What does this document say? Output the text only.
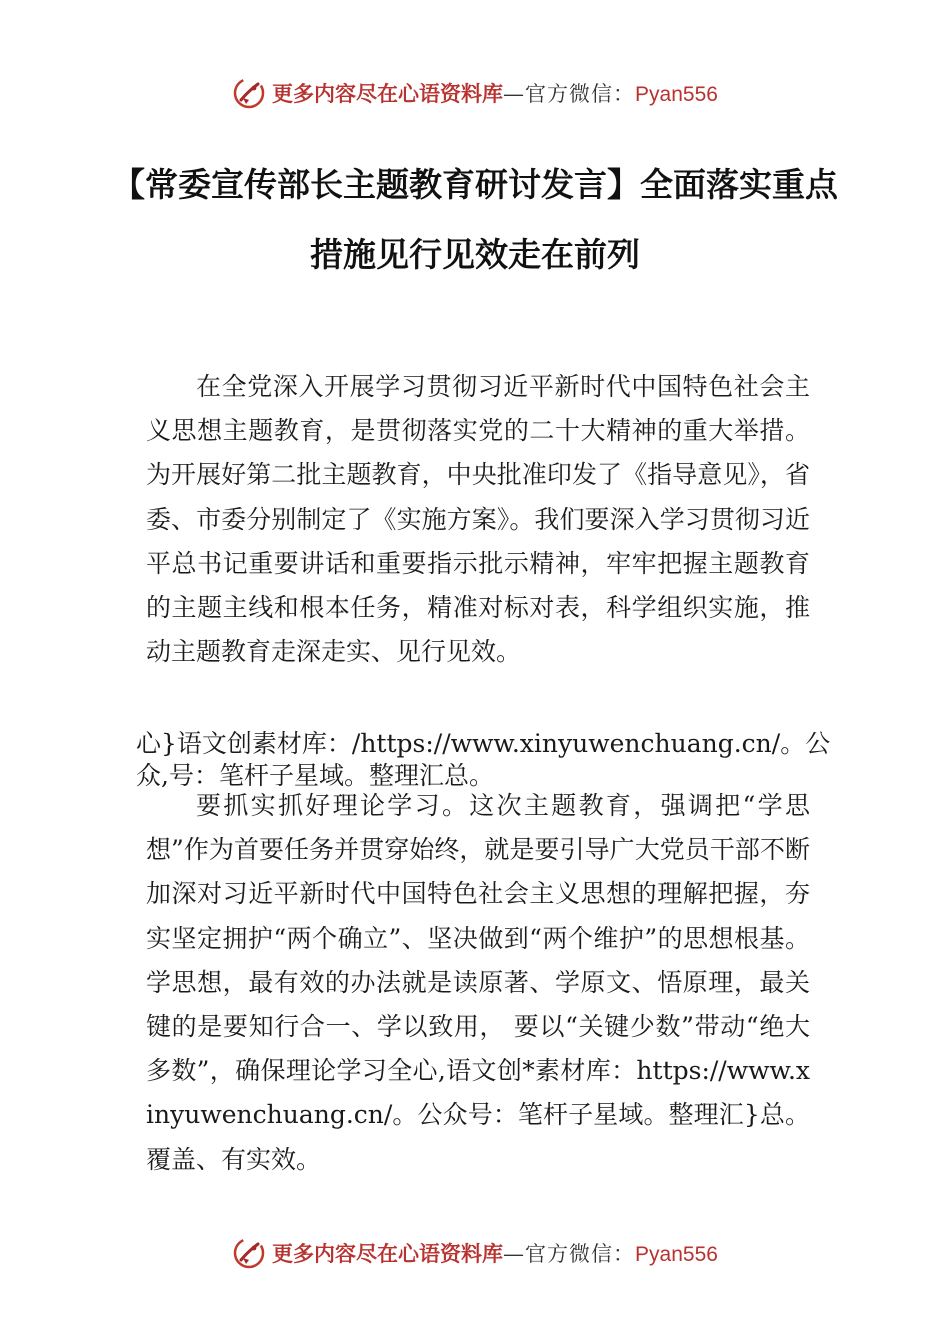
更多内容尽在心语资料库 —官方微信： Pyan556
【常委宣传部长主题教育研讨发言】全面落实重点措施见行见效走在前列

在全党深入开展学习贯彻习近平新时代中国特色社会主义思想主题教育，是贯彻落实党的二十大精神的重大举措。为开展好第二批主题教育，中央批准印发了《指导意见》，省委、市委分别制定了《实施方案》。我们要深入学习贯彻习近平总书记重要讲话和重要指示批示精神，牢牢把握主题教育的主题主线和根本任务，精准对标对表，科学组织实施，推动主题教育走深走实、见行见效。

心}语文创素材库：/https://www.xinyuwenchuang.cn/。公众,号：笔杆子星域。整理汇总。

要抓实抓好理论学习。这次主题教育，强调把“学思想”作为首要任务并贯穿始终，就是要引导广大党员干部不断加深对习近平新时代中国特色社会主义思想的理解把握，夯实坚定拥护“两个确立”、坚决做到“两个维护”的思想根基。学思想，最有效的办法就是读原著、学原文、悟原理，最关键的是要知行合一、学以致用， 要以“关键少数”带动“绝大多数”，确保理论学习全心,语文创*素材库：https://www.xinyuwenchuang.cn/。公众号：笔杆子星域。整理汇}总。覆盖、有实效。

更多内容尽在心语资料库 —官方微信： Pyan556
